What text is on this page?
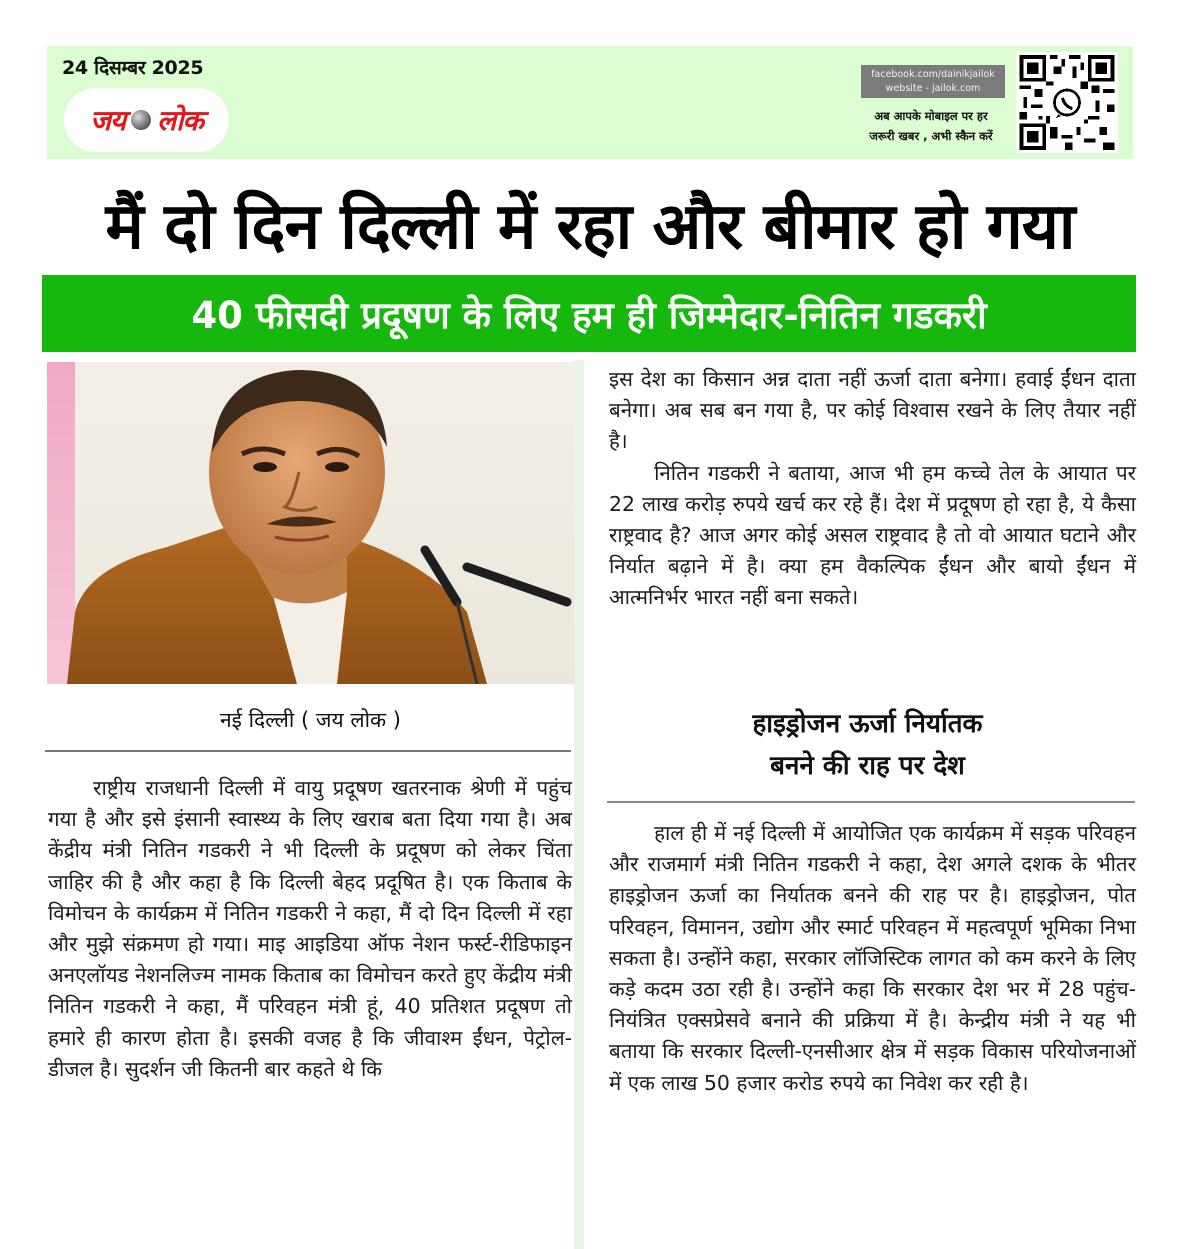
24 दिसम्बर 2025
जय लोक
facebook.com/dainikjailok
website - jailok.com
अब आपके मोबाइल पर हर
जरूरी खबर , अभी स्कैन करें
मैं दो दिन दिल्ली में रहा और बीमार हो गया
40 फीसदी प्रदूषण के लिए हम ही जिम्मेदार-नितिन गडकरी
नई दिल्ली ( जय लोक )

राष्ट्रीय राजधानी दिल्ली में वायु प्रदूषण खतरनाक श्रेणी में पहुंच गया है और इसे इंसानी स्वास्थ्य के लिए खराब बता दिया गया है। अब केंद्रीय मंत्री नितिन गडकरी ने भी दिल्ली के प्रदूषण को लेकर चिंता जाहिर की है और कहा है कि दिल्ली बेहद प्रदूषित है। एक किताब के विमोचन के कार्यक्रम में नितिन गडकरी ने कहा, मैं दो दिन दिल्ली में रहा और मुझे संक्रमण हो गया। माइ आइडिया ऑफ नेशन फर्स्ट-रीडिफाइन अनएलॉयड नेशनलिज्म नामक किताब का विमोचन करते हुए केंद्रीय मंत्री नितिन गडकरी ने कहा, मैं परिवहन मंत्री हूं, 40 प्रतिशत प्रदूषण तो हमारे ही कारण होता है। इसकी वजह है कि जीवाश्म ईंधन, पेट्रोल-डीजल है। सुदर्शन जी कितनी बार कहते थे कि

इस देश का किसान अन्न दाता नहीं ऊर्जा दाता बनेगा। हवाई ईंधन दाता बनेगा। अब सब बन गया है, पर कोई विश्वास रखने के लिए तैयार नहीं है।

नितिन गडकरी ने बताया, आज भी हम कच्चे तेल के आयात पर 22 लाख करोड़ रुपये खर्च कर रहे हैं। देश में प्रदूषण हो रहा है, ये कैसा राष्ट्रवाद है? आज अगर कोई असल राष्ट्रवाद है तो वो आयात घटाने और निर्यात बढ़ाने में है। क्या हम वैकल्पिक ईंधन और बायो ईंधन में आत्मनिर्भर भारत नहीं बना सकते।

हाइड्रोजन ऊर्जा निर्यातक
बनने की राह पर देश

हाल ही में नई दिल्ली में आयोजित एक कार्यक्रम में सड़क परिवहन और राजमार्ग मंत्री नितिन गडकरी ने कहा, देश अगले दशक के भीतर हाइड्रोजन ऊर्जा का निर्यातक बनने की राह पर है। हाइड्रोजन, पोत परिवहन, विमानन, उद्योग और स्मार्ट परिवहन में महत्वपूर्ण भूमिका निभा सकता है। उन्होंने कहा, सरकार लॉजिस्टिक लागत को कम करने के लिए कड़े कदम उठा रही है। उन्होंने कहा कि सरकार देश भर में 28 पहुंच-नियंत्रित एक्सप्रेसवे बनाने की प्रक्रिया में है। केन्द्रीय मंत्री ने यह भी बताया कि सरकार दिल्ली-एनसीआर क्षेत्र में सड़क विकास परियोजनाओं में एक लाख 50 हजार करोड रुपये का निवेश कर रही है।
